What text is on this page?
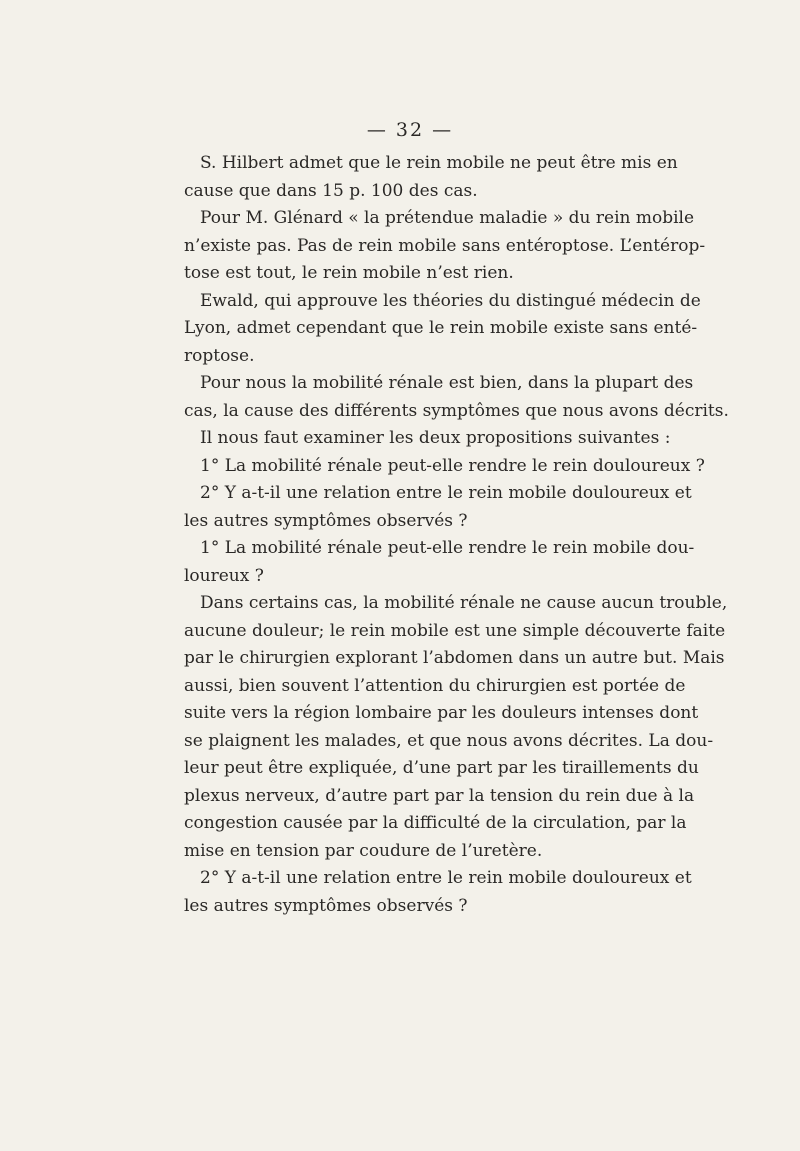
— 32 —
S. Hilbert admet que le rein mobile ne peut être mis en
cause que dans 15 p. 100 des cas.
Pour M. Glénard « la prétendue maladie » du rein mobile
n’existe pas. Pas de rein mobile sans entéroptose. L’entérop-
tose est tout, le rein mobile n’est rien.
Ewald, qui approuve les théories du distingué médecin de
Lyon, admet cependant que le rein mobile existe sans enté-
roptose.
Pour nous la mobilité rénale est bien, dans la plupart des
cas, la cause des différents symptômes que nous avons décrits.
Il nous faut examiner les deux propositions suivantes :
1° La mobilité rénale peut-elle rendre le rein douloureux ?
2° Y a-t-il une relation entre le rein mobile douloureux et
les autres symptômes observés ?
1° La mobilité rénale peut-elle rendre le rein mobile dou-
loureux ?
Dans certains cas, la mobilité rénale ne cause aucun trouble,
aucune douleur; le rein mobile est une simple découverte faite
par le chirurgien explorant l’abdomen dans un autre but. Mais
aussi, bien souvent l’attention du chirurgien est portée de
suite vers la région lombaire par les douleurs intenses dont
se plaignent les malades, et que nous avons décrites. La dou-
leur peut être expliquée, d’une part par les tiraillements du
plexus nerveux, d’autre part par la tension du rein due à la
congestion causée par la difficulté de la circulation, par la
mise en tension par coudure de l’uretère.
2° Y a-t-il une relation entre le rein mobile douloureux et
les autres symptômes observés ?
